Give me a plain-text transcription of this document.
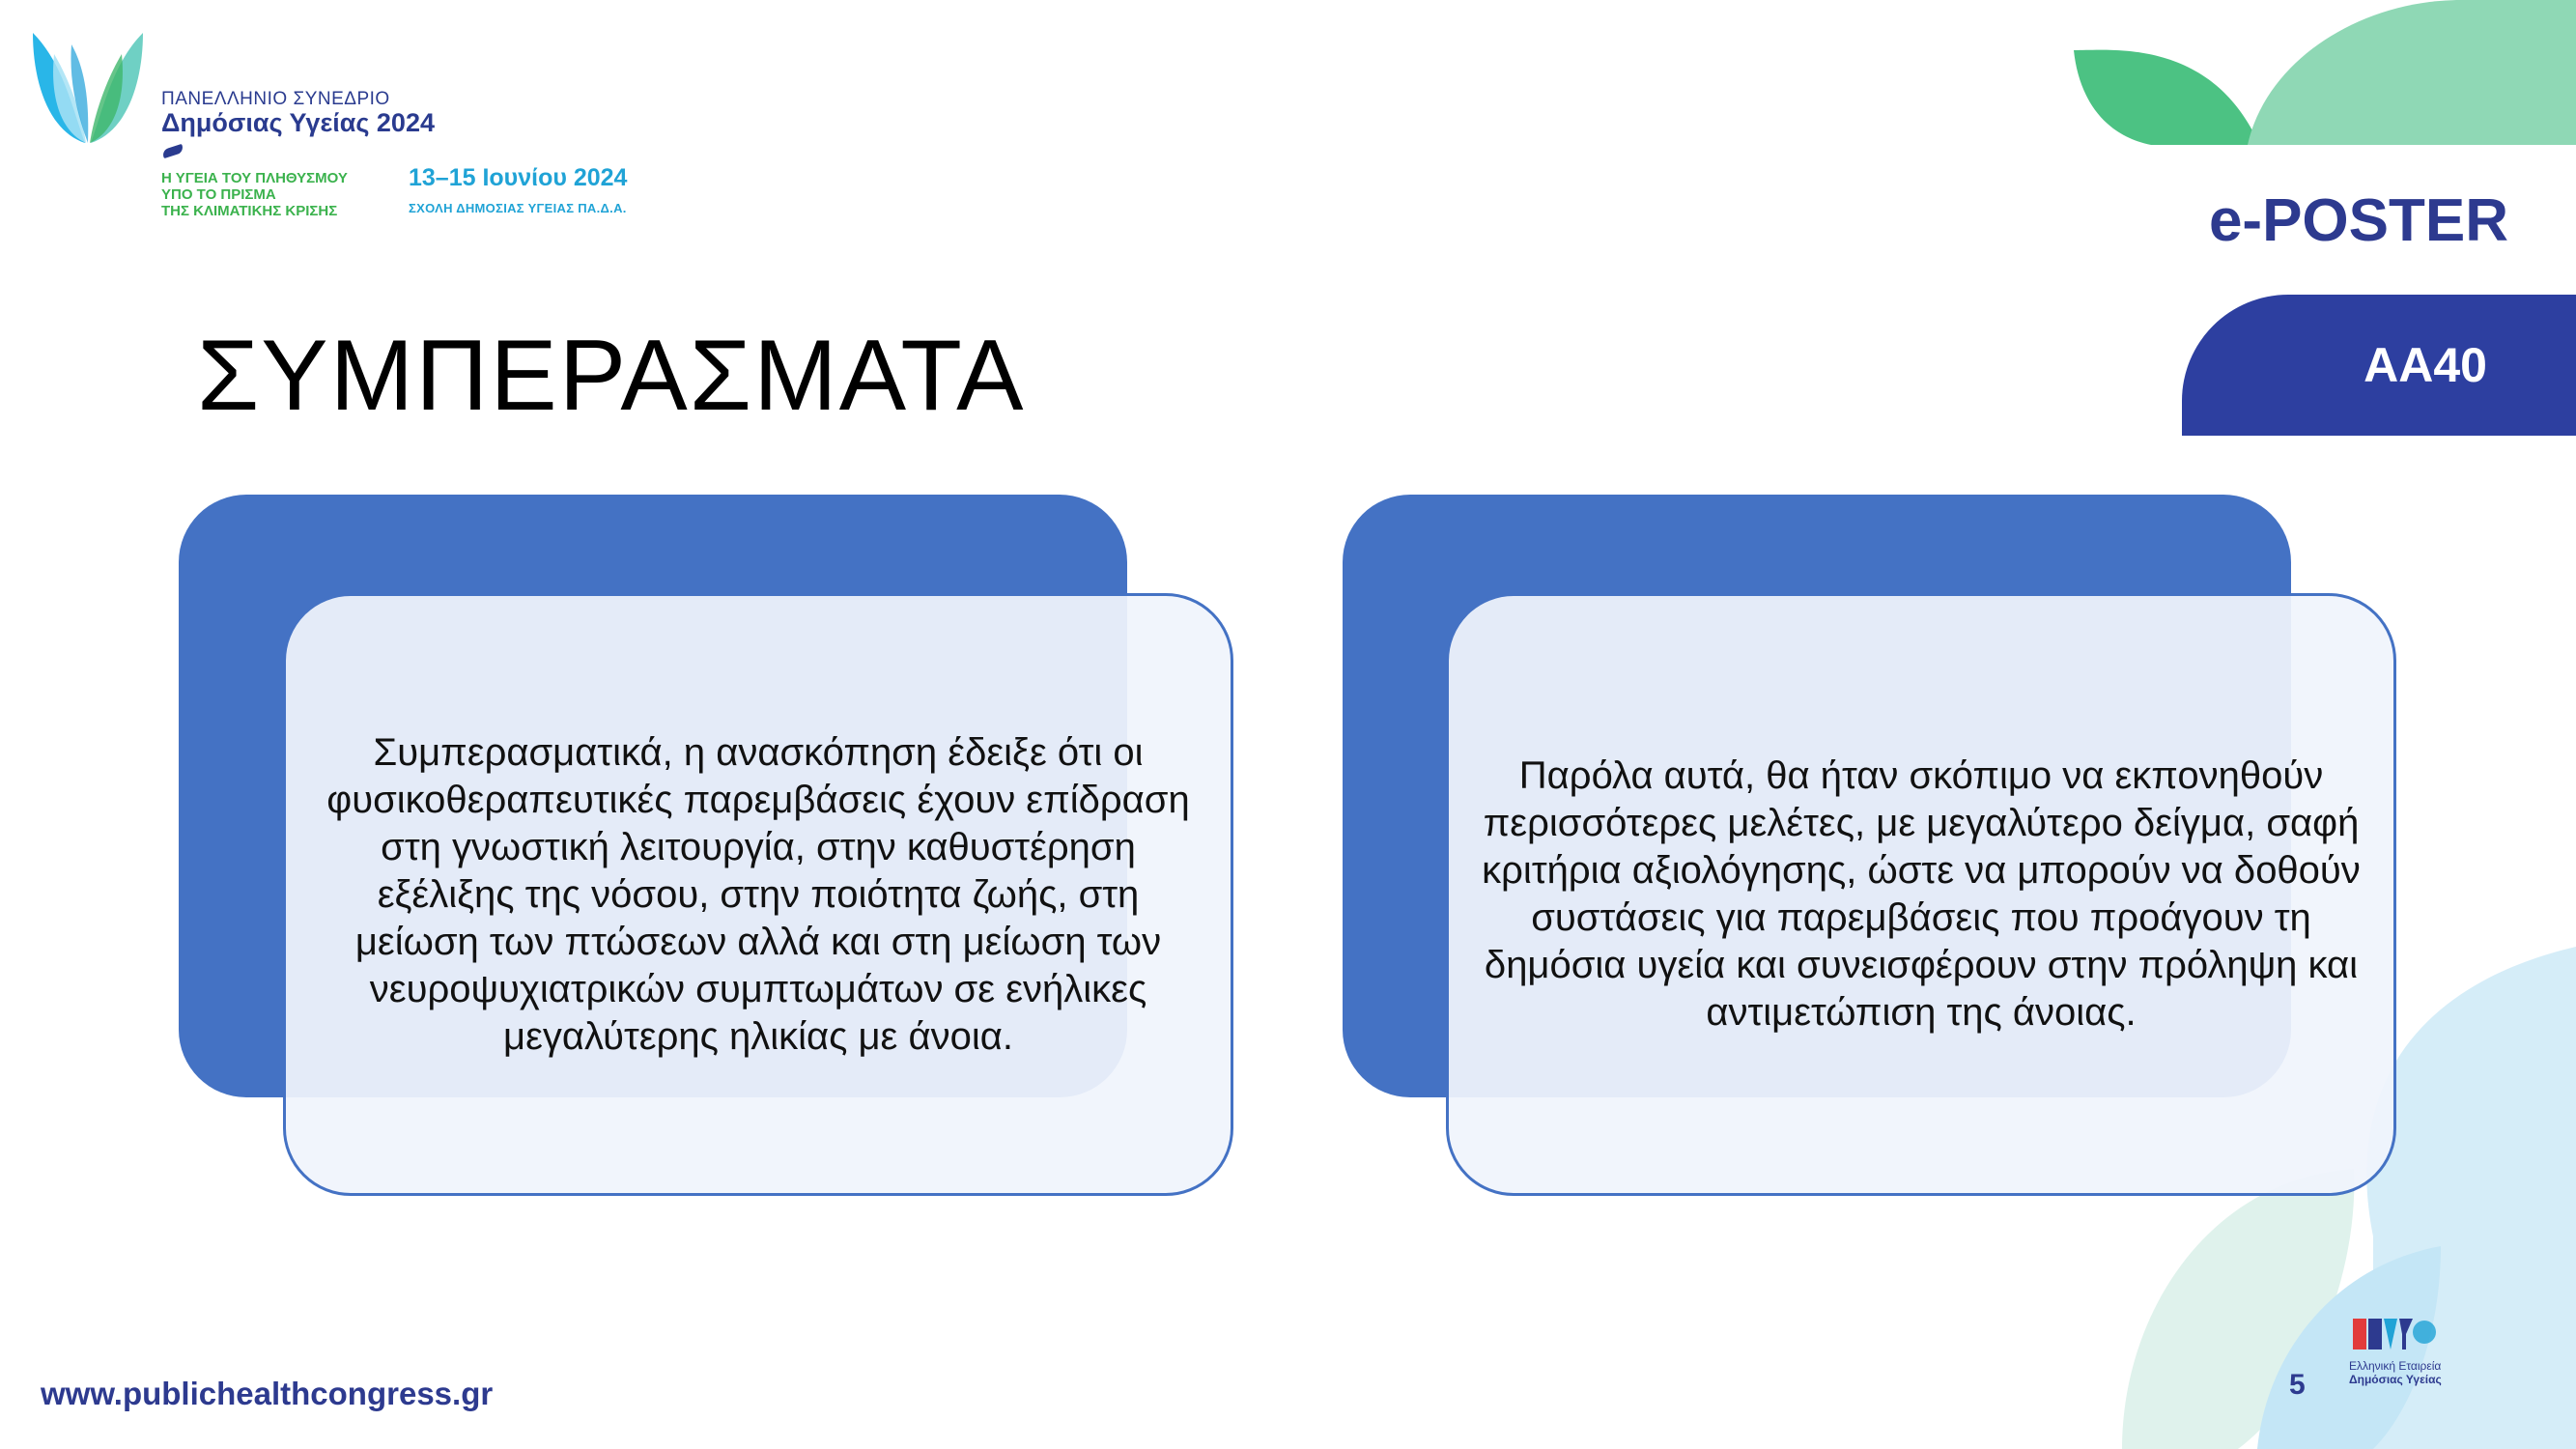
ΠΑΝΕΛΛΗΝΙΟ ΣΥΝΕΔΡΙΟ
Δημόσιας Υγείας 2024
Η ΥΓΕΙΑ ΤΟΥ ΠΛΗΘΥΣΜΟΥ
ΥΠΟ ΤΟ ΠΡΙΣΜΑ
ΤΗΣ ΚΛΙΜΑΤΙΚΗΣ ΚΡΙΣΗΣ
13–15 Ιουνίου 2024
ΣΧΟΛΗ ΔΗΜΟΣΙΑΣ ΥΓΕΙΑΣ ΠΑ.Δ.Α.	e-POSTER
AA40
ΣΥΜΠΕΡΑΣΜΑΤΑ
Συμπερασματικά, η ανασκόπηση έδειξε ότι οι φυσικοθεραπευτικές παρεμβάσεις έχουν επίδραση στη γνωστική λειτουργία, στην καθυστέρηση εξέλιξης της νόσου, στην ποιότητα ζωής, στη μείωση των πτώσεων αλλά και στη μείωση των νευροψυχιατρικών συμπτωμάτων σε ενήλικες μεγαλύτερης ηλικίας με άνοια.
Παρόλα αυτά, θα ήταν σκόπιμο να εκπονηθούν περισσότερες μελέτες, με μεγαλύτερο δείγμα, σαφή κριτήρια αξιολόγησης, ώστε να μπορούν να δοθούν συστάσεις για παρεμβάσεις που προάγουν τη δημόσια υγεία και συνεισφέρουν στην πρόληψη και αντιμετώπιση της άνοιας.
www.publichealthcongress.gr	5
Ελληνική Εταιρεία
Δημόσιας Υγείας
